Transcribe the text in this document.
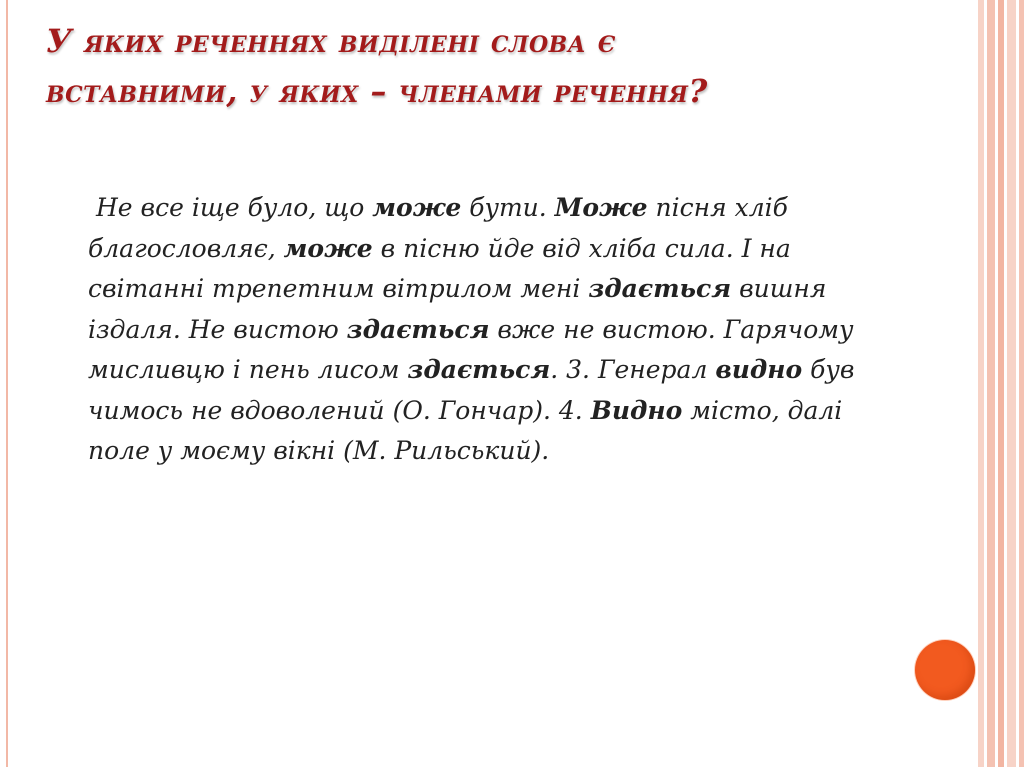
У яких реченнях виділені слова є
вставними, у яких – членами речення?

Не все іще було, що може бути. Може пісня хліб благословляє, може в пісню йде від хліба сила. І на світанні трепетним вітрилом мені здається вишня іздаля. Не вистою здається вже не вистою. Гарячому мисливцю і пень лисом здається. 3. Генерал видно був чимось не вдоволений (О. Гончар). 4. Видно місто, далі поле у моєму вікні (М. Рильський).
